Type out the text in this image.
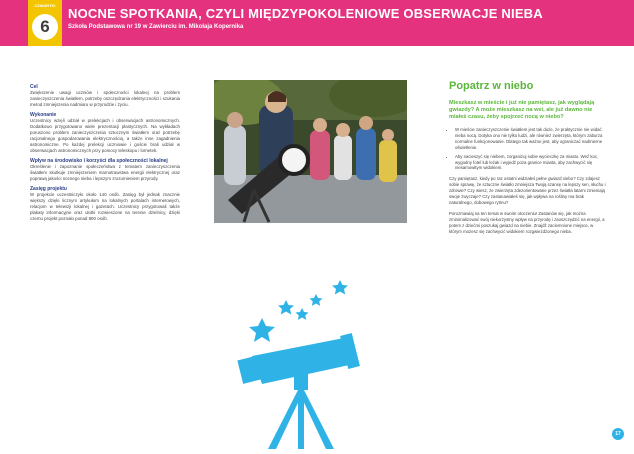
CZWARTKI
6
NOCNE SPOTKANIA, CZYLI MIĘDZYPOKOLENIOWE OBSERWACJE NIEBA
Szkoła Podstawowa nr 19 w Zawierciu im. Mikołaja Kopernika
Cel

Zwiększenie uwagi uczniów i społeczności lokalnej na problem zanieczyszczenia światłem, potrzeby oszczędzania elektryczności i szukania metod zmniejszenia nadmiaru w przyrodzie i życiu.

Wykonanie

Uczestnicy wzięli udział w prelekcjach i obserwacjach astronomicznych. Dodatkowo przygotowano wiele prezentacji plastycznych. Na wykładach poruszono problem zanieczyszczenia sztucznym światłem oraz potrzebę racjonalnego gospodarowania elektrycznością, a także inne zagadnienia astronomiczne. Po każdej prelekcji uczniowie i goście brali udział w obserwacjach astronomicznych przy pomocy teleskopu i lornetek.

Wpływ na środowisko i korzyści dla społeczności lokalnej

Określenie i zapoznanie społeczeństwa z tematem zanieczyszczenia światłem skutkuje zmniejszeniem marnotrawstwa energii elektrycznej oraz poprawą jakości nocnego nieba i lepszym zrozumieniem przyrody.

Zasięg projektu

W projekcie uczestniczyło około 140 osób. Zasięg był jednak znacznie większy dzięki licznym artykułom na lokalnych portalach internetowych, relacjom w telewizji lokalnej i gazetach. Uczestnicy przygotowali także plakaty informacyjne oraz ulotki rozwieszone na terenie dzielnicy, dzięki czemu projekt poznało ponad 800 osób.

Popatrz w niebo

Mieszkasz w mieście i już nie pamiętasz, jak wyglądają gwiazdy? A może mieszkasz na wsi, ale już dawno nie miałeś czasu, żeby spojrzeć nocą w niebo?

• W mieście zanieczyszczenie światłem jest tak duże, że praktycznie nie widać nieba nocą. Dotyka ono nie tylko ludzi, ale również zwierzęta, którym zaburza normalne funkcjonowanie. Dlatego tak ważne jest, aby ograniczać nadmierne oświetlenie.
• Aby nacieszyć się niebem, zorganizuj sobie wycieczkę za miasto. Weź koc, wygodny fotel lub leżak i wyjedź poza granice miasta, aby zachwycić się niesamowitym widokiem.

Czy pamiętasz, kiedy po raz ostatni widziałeś pełne gwiazd niebo? Czy zdajesz sobie sprawę, że sztuczne światło zmniejsza Twoją szansę na lepszy sen, słuchu i zdrowie? Czy wiesz, że zwierzęta zdezorientowane przez światła latarni zmieniają swoje zwyczaje? Czy zastanawiałeś się, jak wpływa na rośliny ma brak naturalnego, dobowego rytmu?

Porozmawiaj na ten temat w swoim otoczeniu! Zastanów się, jak można zminimalizować swój niekorzystny wpływ na przyrodę i zaoszczędzić na energii, a potem z dziećmi poszukaj gwiazd na niebie. Znajdź zaciemnione miejsce, w którym możesz się zachwycić widokiem rozgwieżdżonego nieba.

17
